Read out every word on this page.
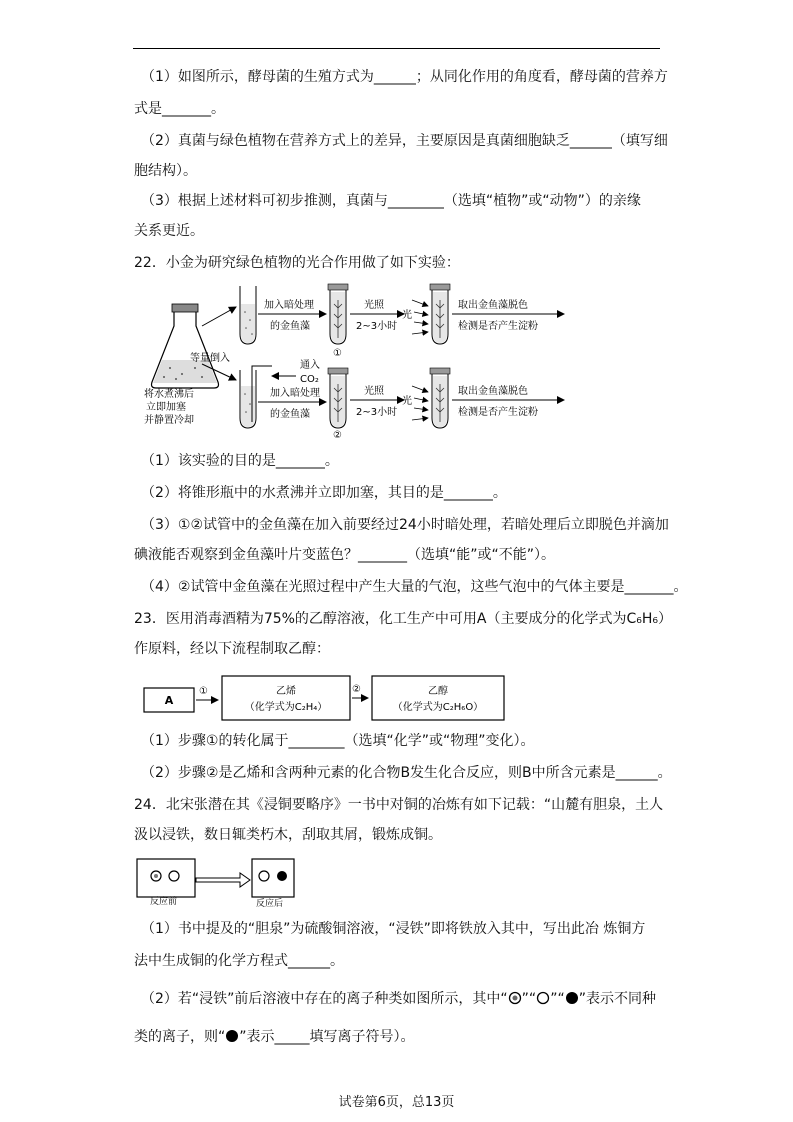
（1）如图所示，酵母菌的生殖方式为______；从同化作用的角度看，酵母菌的营养方
式是_______。
（2）真菌与绿色植物在营养方式上的差异，主要原因是真菌细胞缺乏______（填写细
胞结构）。
（3）根据上述材料可初步推测，真菌与________（选填“植物”或“动物”）的亲缘
关系更近。
22．小金为研究绿色植物的光合作用做了如下实验：
将水煮沸后
立即加塞
并静置冷却
等量倒入
加入暗处理
的金鱼藻
①
光照
2~3小时
光
取出金鱼藻脱色
检测是否产生淀粉
通入
CO₂
加入暗处理
的金鱼藻
②
光照
2~3小时
光
取出金鱼藻脱色
检测是否产生淀粉
（1）该实验的目的是_______。
（2）将锥形瓶中的水煮沸并立即加塞，其目的是_______。
（3）①②试管中的金鱼藻在加入前要经过24小时暗处理，若暗处理后立即脱色并滴加
碘液能否观察到金鱼藻叶片变蓝色？_______（选填“能”或“不能”）。
（4）②试管中金鱼藻在光照过程中产生大量的气泡，这些气泡中的气体主要是_______。
23．医用消毒酒精为75%的乙醇溶液，化工生产中可用A（主要成分的化学式为C₆H₆）
作原料，经以下流程制取乙醇：
A
①	乙烯
（化学式为C₂H₄）
②	乙醇
（化学式为C₂H₆O）
（1）步骤①的转化属于________（选填“化学”或“物理”变化）。
（2）步骤②是乙烯和含两种元素的化合物B发生化合反应，则B中所含元素是______。
24．北宋张潜在其《浸铜要略序》一书中对铜的冶炼有如下记载：“山麓有胆泉，土人
汲以浸铁，数日辄类朽木，刮取其屑，锻炼成铜。
反应前	反应后
（1）书中提及的“胆泉”为硫酸铜溶液，“浸铁”即将铁放入其中，写出此冶 炼铜方
法中生成铜的化学方程式______。
（2）若“浸铁”前后溶液中存在的离子种类如图所示，其中“ ”“ ”“ ”表示不同种
类的离子，则“ ”表示_____填写离子符号）。
试卷第6页，总13页
